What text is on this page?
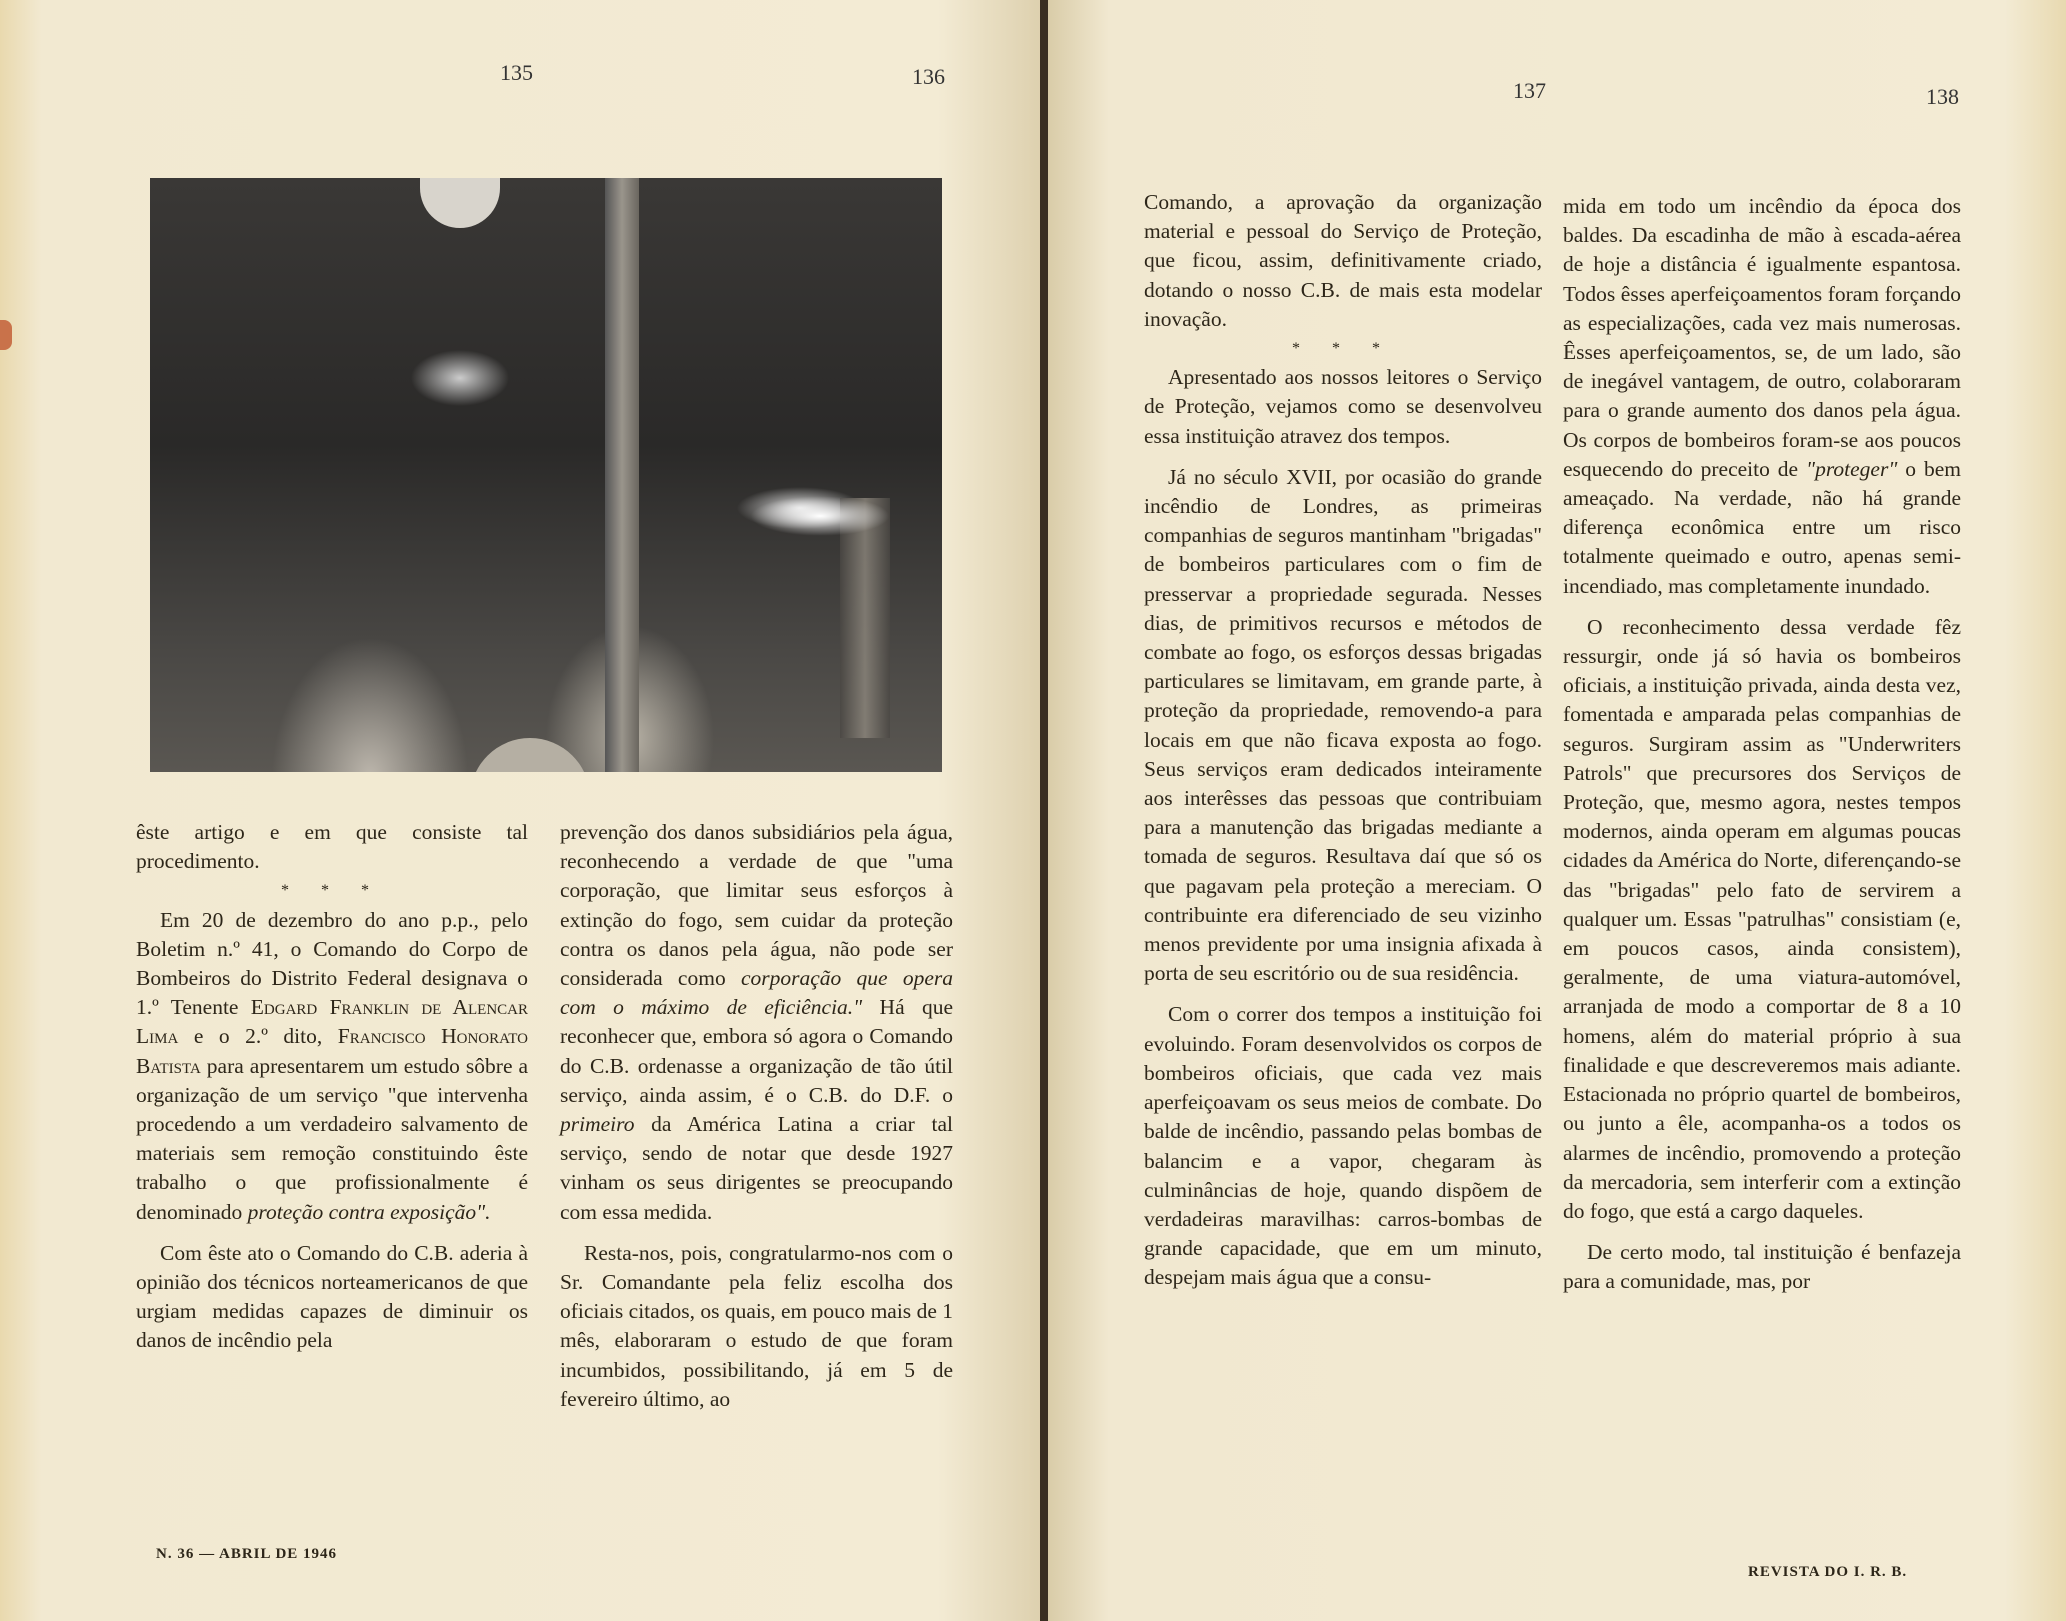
135	136

êste artigo e em que consiste tal procedimento.

* * *

Em 20 de dezembro do ano p.p., pelo Boletim n.º 41, o Comando do Corpo de Bombeiros do Distrito Federal designava o 1.º Tenente Edgard Franklin de Alencar Lima e o 2.º dito, Francisco Honorato Batista para apresentarem um estudo sôbre a organização de um serviço "que intervenha procedendo a um verdadeiro salvamento de materiais sem remoção constituindo êste trabalho o que profissionalmente é denominado proteção contra exposição".

Com êste ato o Comando do C.B. aderia à opinião dos técnicos norteamericanos de que urgiam medidas capazes de diminuir os danos de incêndio pela

prevenção dos danos subsidiários pela água, reconhecendo a verdade de que "uma corporação, que limitar seus esforços à extinção do fogo, sem cuidar da proteção contra os danos pela água, não pode ser considerada como corporação que opera com o máximo de eficiência." Há que reconhecer que, embora só agora o Comando do C.B. ordenasse a organização de tão útil serviço, ainda assim, é o C.B. do D.F. o primeiro da América Latina a criar tal serviço, sendo de notar que desde 1927 vinham os seus dirigentes se preocupando com essa medida.

Resta-nos, pois, congratularmo-nos com o Sr. Comandante pela feliz escolha dos oficiais citados, os quais, em pouco mais de 1 mês, elaboraram o estudo de que foram incumbidos, possibilitando, já em 5 de fevereiro último, ao

N. 36 — ABRIL DE 1946
137	138

Comando, a aprovação da organização material e pessoal do Serviço de Proteção, que ficou, assim, definitivamente criado, dotando o nosso C.B. de mais esta modelar inovação.

* * *

Apresentado aos nossos leitores o Serviço de Proteção, vejamos como se desenvolveu essa instituição atravez dos tempos.

Já no século XVII, por ocasião do grande incêndio de Londres, as primeiras companhias de seguros mantinham "brigadas" de bombeiros particulares com o fim de presservar a propriedade segurada. Nesses dias, de primitivos recursos e métodos de combate ao fogo, os esforços dessas brigadas particulares se limitavam, em grande parte, à proteção da propriedade, removendo-a para locais em que não ficava exposta ao fogo. Seus serviços eram dedicados inteiramente aos interêsses das pessoas que contribuiam para a manutenção das brigadas mediante a tomada de seguros. Resultava daí que só os que pagavam pela proteção a mereciam. O contribuinte era diferenciado de seu vizinho menos previdente por uma insignia afixada à porta de seu escritório ou de sua residência.

Com o correr dos tempos a instituição foi evoluindo. Foram desenvolvidos os corpos de bombeiros oficiais, que cada vez mais aperfeiçoavam os seus meios de combate. Do balde de incêndio, passando pelas bombas de balancim e a vapor, chegaram às culminâncias de hoje, quando dispõem de verdadeiras maravilhas: carros-bombas de grande capacidade, que em um minuto, despejam mais água que a consu-

mida em todo um incêndio da época dos baldes. Da escadinha de mão à escada-aérea de hoje a distância é igualmente espantosa. Todos êsses aperfeiçoamentos foram forçando as especializações, cada vez mais numerosas. Êsses aperfeiçoamentos, se, de um lado, são de inegável vantagem, de outro, colaboraram para o grande aumento dos danos pela água. Os corpos de bombeiros foram-se aos poucos esquecendo do preceito de "proteger" o bem ameaçado. Na verdade, não há grande diferença econômica entre um risco totalmente queimado e outro, apenas semi-incendiado, mas completamente inundado.

O reconhecimento dessa verdade fêz ressurgir, onde já só havia os bombeiros oficiais, a instituição privada, ainda desta vez, fomentada e amparada pelas companhias de seguros. Surgiram assim as "Underwriters Patrols" que precursores dos Serviços de Proteção, que, mesmo agora, nestes tempos modernos, ainda operam em algumas poucas cidades da América do Norte, diferençando-se das "brigadas" pelo fato de servirem a qualquer um. Essas "patrulhas" consistiam (e, em poucos casos, ainda consistem), geralmente, de uma viatura-automóvel, arranjada de modo a comportar de 8 a 10 homens, além do material próprio à sua finalidade e que descreveremos mais adiante. Estacionada no próprio quartel de bombeiros, ou junto a êle, acompanha-os a todos os alarmes de incêndio, promovendo a proteção da mercadoria, sem interferir com a extinção do fogo, que está a cargo daqueles.

De certo modo, tal instituição é benfazeja para a comunidade, mas, por

REVISTA DO I. R. B.
